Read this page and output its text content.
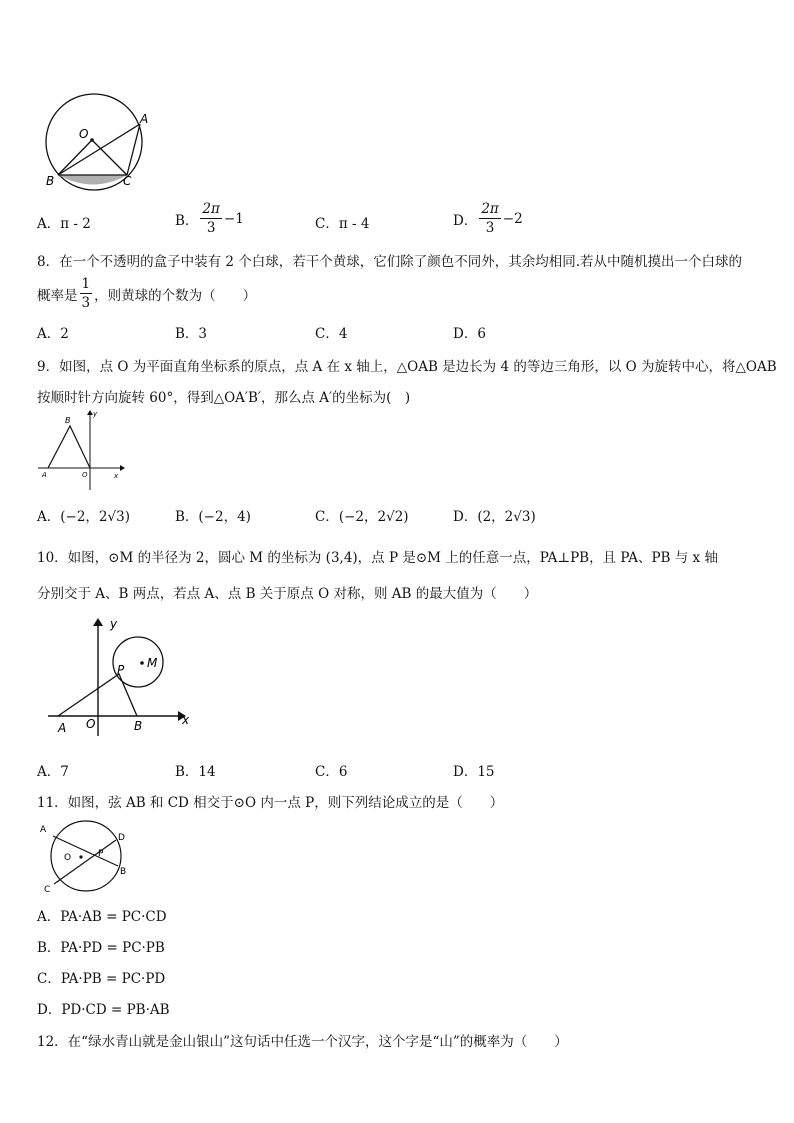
O
A
B	C
A．π - 2	B． $\frac{2\pi}{3} -1$	C．π - 4	D． $\frac{2\pi}{3} -2$
8．在一个不透明的盒子中装有 2 个白球，若干个黄球，它们除了颜色不同外，其余均相同.若从中随机摸出一个白球的
概率是 $\frac{1}{3}$ ，则黄球的个数为（　　）
A．2	B．3	C．4	D．6
9．如图，点 O 为平面直角坐标系的原点，点 A 在 x 轴上，△OAB 是边长为 4 的等边三角形，以 O 为旋转中心，将△OAB
按顺时针方向旋转 60°，得到△OA′B′，那么点 A′的坐标为(　)
B
y
A	O	x
A．(−2，2√3)	B．(−2，4)	C．(−2，2√2)	D．(2，2√3)
10．如图，⊙M 的半径为 2，圆心 M 的坐标为 (3,4)，点 P 是⊙M 上的任意一点，PA⊥PB，且 PA、PB 与 x 轴
分别交于 A、B 两点，若点 A、点 B 关于原点 O 对称，则 AB 的最大值为（　　）
y
P M
A O	B	x
A．7	B．14	C．6	D．15
11．如图，弦 AB 和 CD 相交于⊙O 内一点 P，则下列结论成立的是（　　）
A
D
O	P
B
C
A．PA·AB = PC·CD
B．PA·PD = PC·PB
C．PA·PB = PC·PD
D．PD·CD = PB·AB
12．在“绿水青山就是金山银山”这句话中任选一个汉字，这个字是“山”的概率为（　　）
